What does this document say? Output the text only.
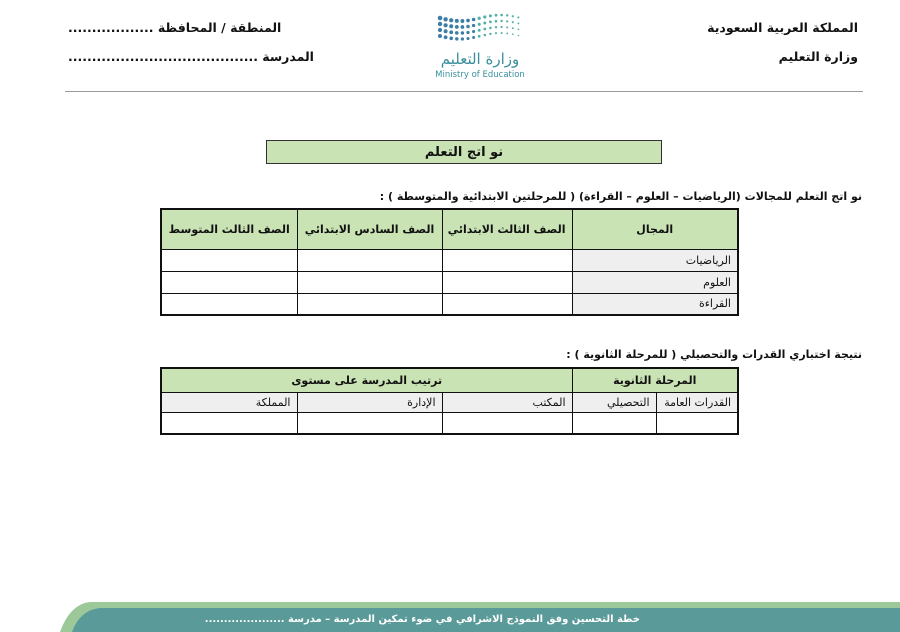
المملكة العربية السعودية
وزارة التعليم
المنطقة / المحافظة ..................
المدرسة ........................................	وزارة التعليم
Ministry of Education
نو اتج التعلم
نو اتج التعلم للمجالات (الرياضيات – العلوم – القراءة) ( للمرحلتين الابتدائية والمتوسطة ) :
المجال	الصف الثالث الابتدائي	الصف السادس الابتدائي	الصف الثالث المتوسط
الرياضيات			
العلوم			
القراءة			
نتيجة اختباري القدرات والتحصيلي ( للمرحلة الثانوية ) :
المرحلة الثانوية		ترتيب المدرسة على مستوى		
القدرات العامة	التحصيلي	المكتب	الإدارة	المملكة

خطة التحسين وفق النموذج الاشرافي في ضوء تمكين المدرسة – مدرسة .....................
